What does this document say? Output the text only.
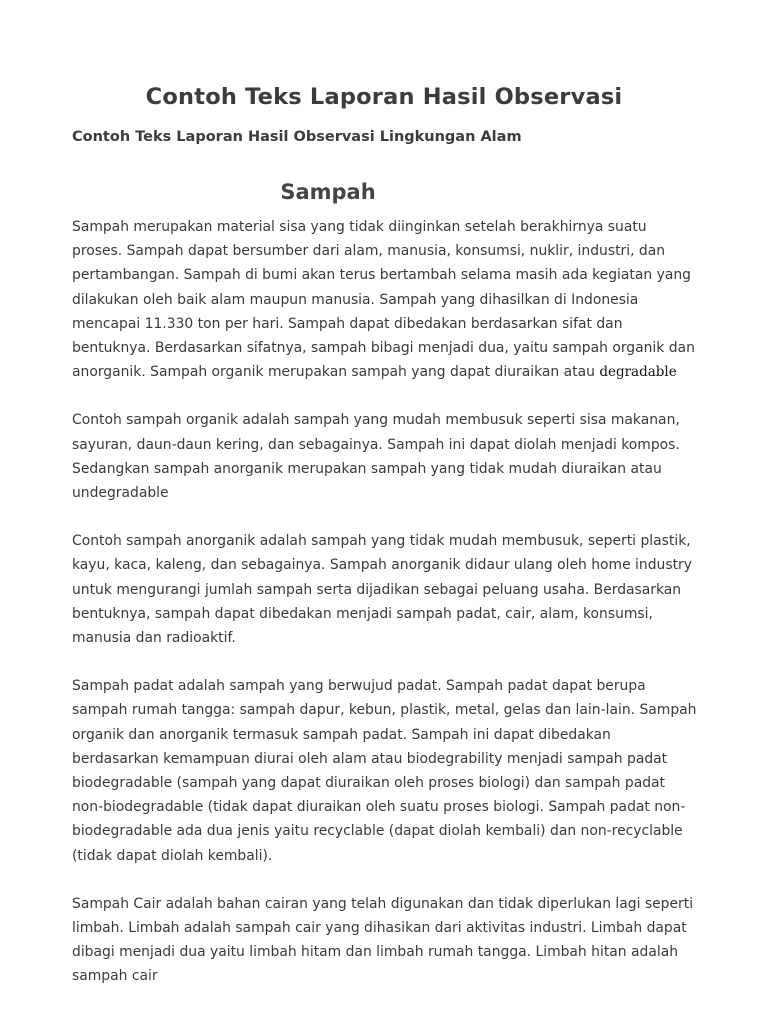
Contoh Teks Laporan Hasil Observasi
Contoh Teks Laporan Hasil Observasi Lingkungan Alam
Sampah

Sampah merupakan material sisa yang tidak diinginkan setelah berakhirnya suatu proses. Sampah dapat bersumber dari alam, manusia, konsumsi, nuklir, industri, dan pertambangan. Sampah di bumi akan terus bertambah selama masih ada kegiatan yang dilakukan oleh baik alam maupun manusia. Sampah yang dihasilkan di Indonesia mencapai 11.330 ton per hari. Sampah dapat dibedakan berdasarkan sifat dan bentuknya. Berdasarkan sifatnya, sampah bibagi menjadi dua, yaitu sampah organik dan anorganik. Sampah organik merupakan sampah yang dapat diuraikan atau degradable

Contoh sampah organik adalah sampah yang mudah membusuk seperti sisa makanan, sayuran, daun-daun kering, dan sebagainya. Sampah ini dapat diolah menjadi kompos. Sedangkan sampah anorganik merupakan sampah yang tidak mudah diuraikan atau undegradable

Contoh sampah anorganik adalah sampah yang tidak mudah membusuk, seperti plastik, kayu, kaca, kaleng, dan sebagainya. Sampah anorganik didaur ulang oleh home industry untuk mengurangi jumlah sampah serta dijadikan sebagai peluang usaha. Berdasarkan bentuknya, sampah dapat dibedakan menjadi sampah padat, cair, alam, konsumsi, manusia dan radioaktif.

Sampah padat adalah sampah yang berwujud padat. Sampah padat dapat berupa sampah rumah tangga: sampah dapur, kebun, plastik, metal, gelas dan lain-lain. Sampah organik dan anorganik termasuk sampah padat. Sampah ini dapat dibedakan berdasarkan kemampuan diurai oleh alam atau biodegrability menjadi sampah padat biodegradable (sampah yang dapat diuraikan oleh proses biologi) dan sampah padat non-biodegradable (tidak dapat diuraikan oleh suatu proses biologi. Sampah padat non-biodegradable ada dua jenis yaitu recyclable (dapat diolah kembali) dan non-recyclable (tidak dapat diolah kembali).

Sampah Cair adalah bahan cairan yang telah digunakan dan tidak diperlukan lagi seperti limbah. Limbah adalah sampah cair yang dihasikan dari aktivitas industri. Limbah dapat dibagi menjadi dua yaitu limbah hitam dan limbah rumah tangga. Limbah hitan adalah sampah cair
